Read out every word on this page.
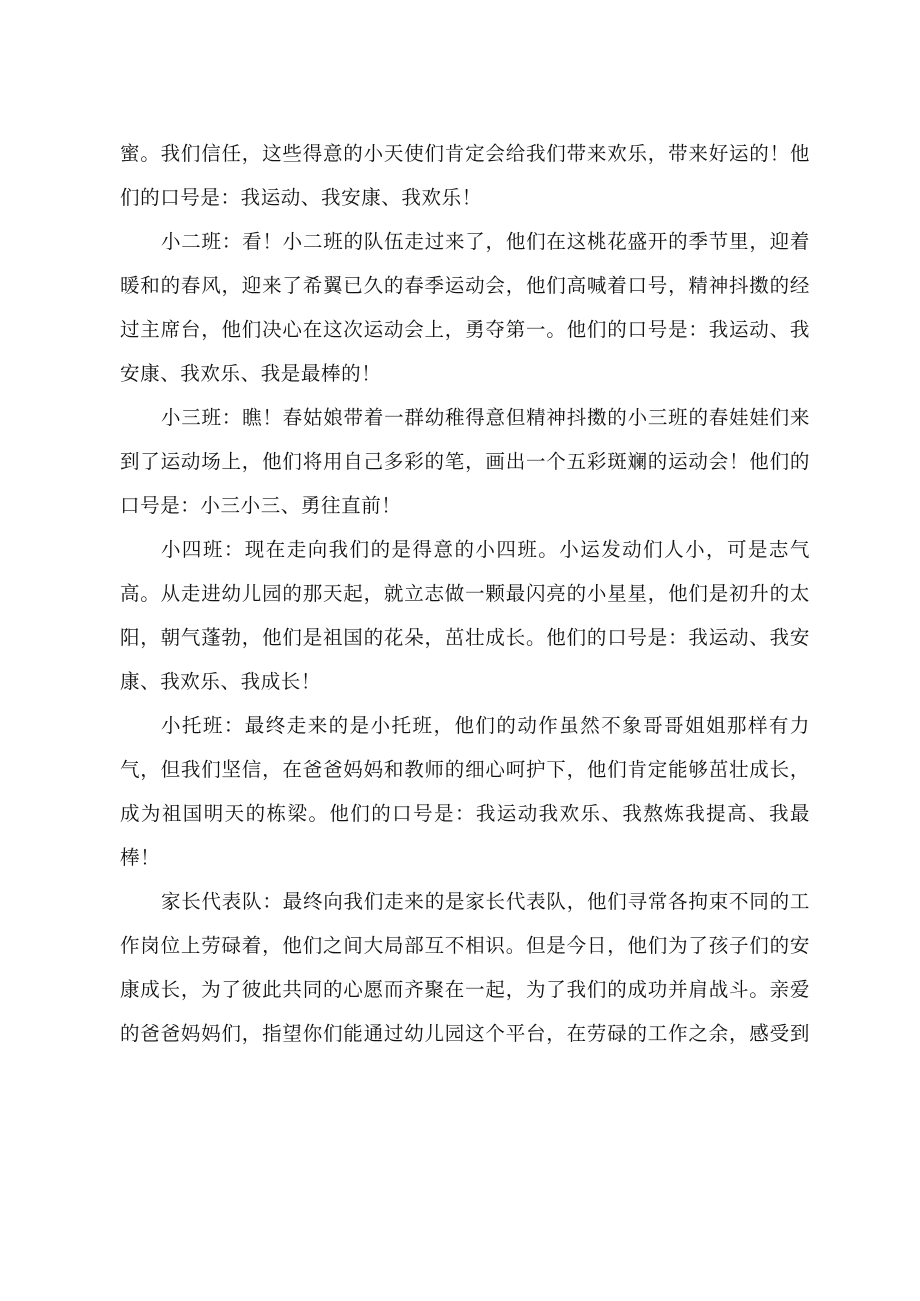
蜜。我们信任，这些得意的小天使们肯定会给我们带来欢乐，带来好运的！他
们的口号是：我运动、我安康、我欢乐！
小二班：看！小二班的队伍走过来了，他们在这桃花盛开的季节里，迎着
暖和的春风，迎来了希翼已久的春季运动会，他们高喊着口号，精神抖擞的经
过主席台，他们决心在这次运动会上，勇夺第一。他们的口号是：我运动、我
安康、我欢乐、我是最棒的！
小三班：瞧！春姑娘带着一群幼稚得意但精神抖擞的小三班的春娃娃们来
到了运动场上，他们将用自己多彩的笔，画出一个五彩斑斓的运动会！他们的
口号是：小三小三、勇往直前！
小四班：现在走向我们的是得意的小四班。小运发动们人小，可是志气
高。从走进幼儿园的那天起，就立志做一颗最闪亮的小星星，他们是初升的太
阳，朝气蓬勃，他们是祖国的花朵，茁壮成长。他们的口号是：我运动、我安
康、我欢乐、我成长！
小托班：最终走来的是小托班，他们的动作虽然不象哥哥姐姐那样有力
气，但我们坚信，在爸爸妈妈和教师的细心呵护下，他们肯定能够茁壮成长，
成为祖国明天的栋梁。他们的口号是：我运动我欢乐、我熬炼我提高、我最
棒！
家长代表队：最终向我们走来的是家长代表队，他们寻常各拘束不同的工
作岗位上劳碌着，他们之间大局部互不相识。但是今日，他们为了孩子们的安
康成长，为了彼此共同的心愿而齐聚在一起，为了我们的成功并肩战斗。亲爱
的爸爸妈妈们，指望你们能通过幼儿园这个平台，在劳碌的工作之余，感受到
